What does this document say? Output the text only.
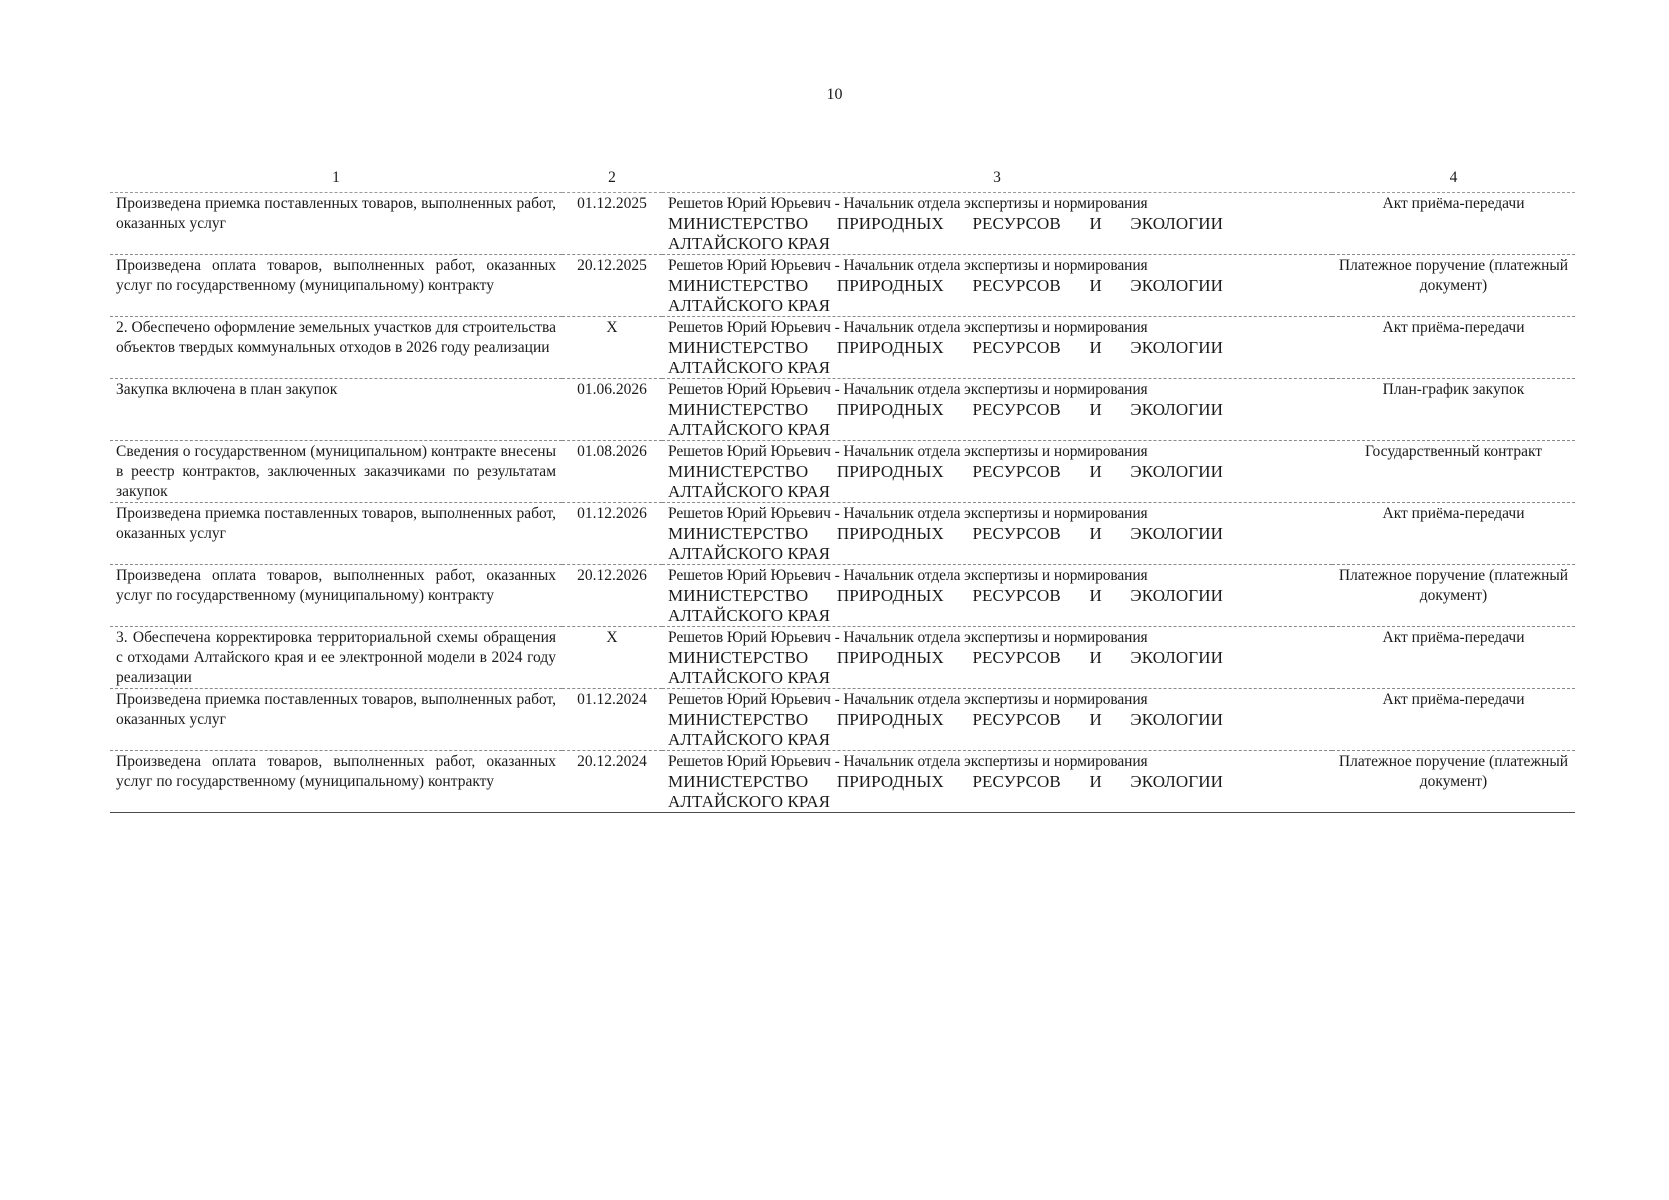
10
1	2	3	4
Произведена приемка поставленных товаров, выполненных работ, оказанных услуг	01.12.2025	Решетов Юрий Юрьевич - Начальник отдела экспертизы и нормирования
МИНИСТЕРСТВО ПРИРОДНЫХ РЕСУРСОВ И ЭКОЛОГИИ
АЛТАЙСКОГО КРАЯ	Акт приёма-передачи
Произведена оплата товаров, выполненных работ, оказанных услуг по государственному (муниципальному) контракту	20.12.2025	Решетов Юрий Юрьевич - Начальник отдела экспертизы и нормирования
МИНИСТЕРСТВО ПРИРОДНЫХ РЕСУРСОВ И ЭКОЛОГИИ
АЛТАЙСКОГО КРАЯ	Платежное поручение (платежный документ)
2. Обеспечено оформление земельных участков для строительства объектов твердых коммунальных отходов в 2026 году реализации	X	Решетов Юрий Юрьевич - Начальник отдела экспертизы и нормирования
МИНИСТЕРСТВО ПРИРОДНЫХ РЕСУРСОВ И ЭКОЛОГИИ
АЛТАЙСКОГО КРАЯ	Акт приёма-передачи
Закупка включена в план закупок	01.06.2026	Решетов Юрий Юрьевич - Начальник отдела экспертизы и нормирования
МИНИСТЕРСТВО ПРИРОДНЫХ РЕСУРСОВ И ЭКОЛОГИИ
АЛТАЙСКОГО КРАЯ	План-график закупок
Сведения о государственном (муниципальном) контракте внесены в реестр контрактов, заключенных заказчиками по результатам закупок	01.08.2026	Решетов Юрий Юрьевич - Начальник отдела экспертизы и нормирования
МИНИСТЕРСТВО ПРИРОДНЫХ РЕСУРСОВ И ЭКОЛОГИИ
АЛТАЙСКОГО КРАЯ	Государственный контракт
Произведена приемка поставленных товаров, выполненных работ, оказанных услуг	01.12.2026	Решетов Юрий Юрьевич - Начальник отдела экспертизы и нормирования
МИНИСТЕРСТВО ПРИРОДНЫХ РЕСУРСОВ И ЭКОЛОГИИ
АЛТАЙСКОГО КРАЯ	Акт приёма-передачи
Произведена оплата товаров, выполненных работ, оказанных услуг по государственному (муниципальному) контракту	20.12.2026	Решетов Юрий Юрьевич - Начальник отдела экспертизы и нормирования
МИНИСТЕРСТВО ПРИРОДНЫХ РЕСУРСОВ И ЭКОЛОГИИ
АЛТАЙСКОГО КРАЯ	Платежное поручение (платежный документ)
3. Обеспечена корректировка территориальной схемы обращения с отходами Алтайского края и ее электронной модели в 2024 году реализации	X	Решетов Юрий Юрьевич - Начальник отдела экспертизы и нормирования
МИНИСТЕРСТВО ПРИРОДНЫХ РЕСУРСОВ И ЭКОЛОГИИ
АЛТАЙСКОГО КРАЯ	Акт приёма-передачи
Произведена приемка поставленных товаров, выполненных работ, оказанных услуг	01.12.2024	Решетов Юрий Юрьевич - Начальник отдела экспертизы и нормирования
МИНИСТЕРСТВО ПРИРОДНЫХ РЕСУРСОВ И ЭКОЛОГИИ
АЛТАЙСКОГО КРАЯ	Акт приёма-передачи
Произведена оплата товаров, выполненных работ, оказанных услуг по государственному (муниципальному) контракту	20.12.2024	Решетов Юрий Юрьевич - Начальник отдела экспертизы и нормирования
МИНИСТЕРСТВО ПРИРОДНЫХ РЕСУРСОВ И ЭКОЛОГИИ
АЛТАЙСКОГО КРАЯ	Платежное поручение (платежный документ)
